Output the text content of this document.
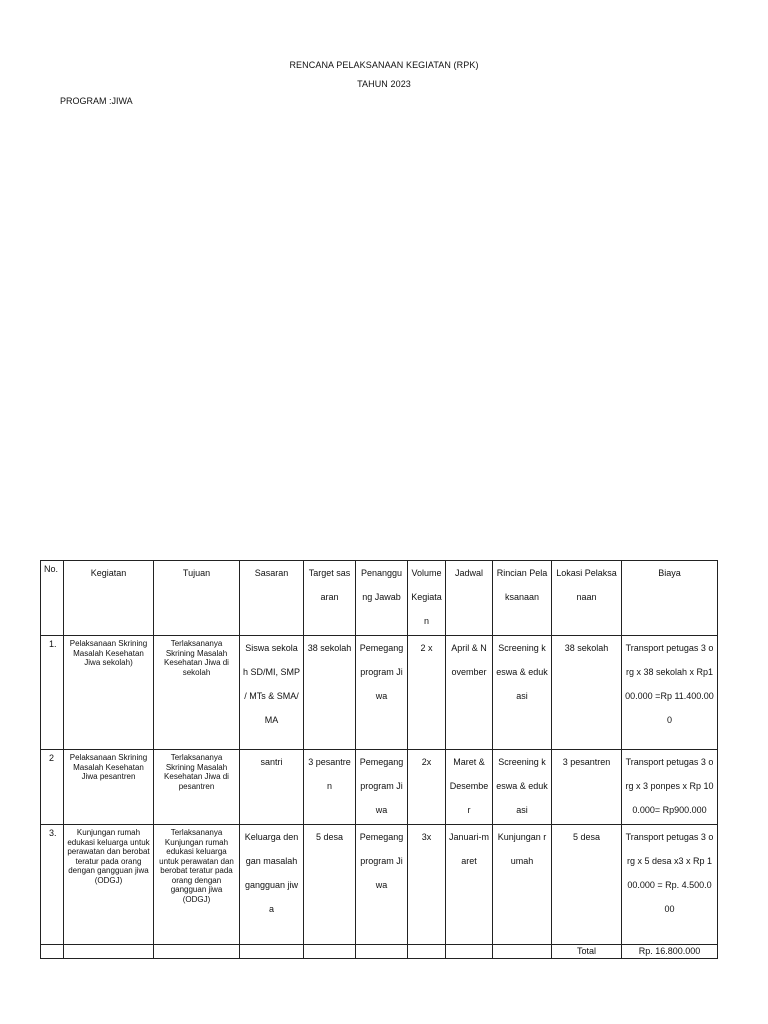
RENCANA PELAKSANAAN KEGIATAN (RPK)
TAHUN 2023
PROGRAM :JIWA
No.	Kegiatan	Tujuan	Sasaran	Target sasaran	Penanggung Jawab	Volume Kegiatan	Jadwal	Rincian Pelaksanaan	Lokasi Pelaksanaan	Biaya
1.	Pelaksanaan Skrining Masalah Kesehatan Jiwa sekolah)	Terlaksananya Skrining Masalah Kesehatan Jiwa di sekolah	Siswa sekolah SD/MI, SMP / MTs & SMA/ MA	38 sekolah	Pemegang program Jiwa	2 x	April & November	Screening keswa & edukasi	38 sekolah	Transport petugas 3 org x 38 sekolah x Rp100.000 =Rp 11.400.000
2	Pelaksanaan Skrining Masalah Kesehatan Jiwa pesantren	Terlaksananya Skrining Masalah Kesehatan Jiwa di pesantren	santri	3 pesantren	Pemegang program Jiwa	2x	Maret & Desember	Screening keswa & edukasi	3 pesantren	Transport petugas 3 org x 3 ponpes x Rp 100.000= Rp900.000
3.	Kunjungan rumah edukasi keluarga untuk perawatan dan berobat teratur pada orang dengan gangguan jiwa (ODGJ)	Terlaksananya Kunjungan rumah edukasi keluarga untuk perawatan dan berobat teratur pada orang dengan gangguan jiwa (ODGJ)	Keluarga dengan masalah gangguan jiwa	5 desa	Pemegang program Jiwa	3x	Januari-maret	Kunjungan rumah	5 desa	Transport petugas 3 org x 5 desa x3 x Rp 100.000 = Rp. 4.500.000
									Total	Rp. 16.800.000
